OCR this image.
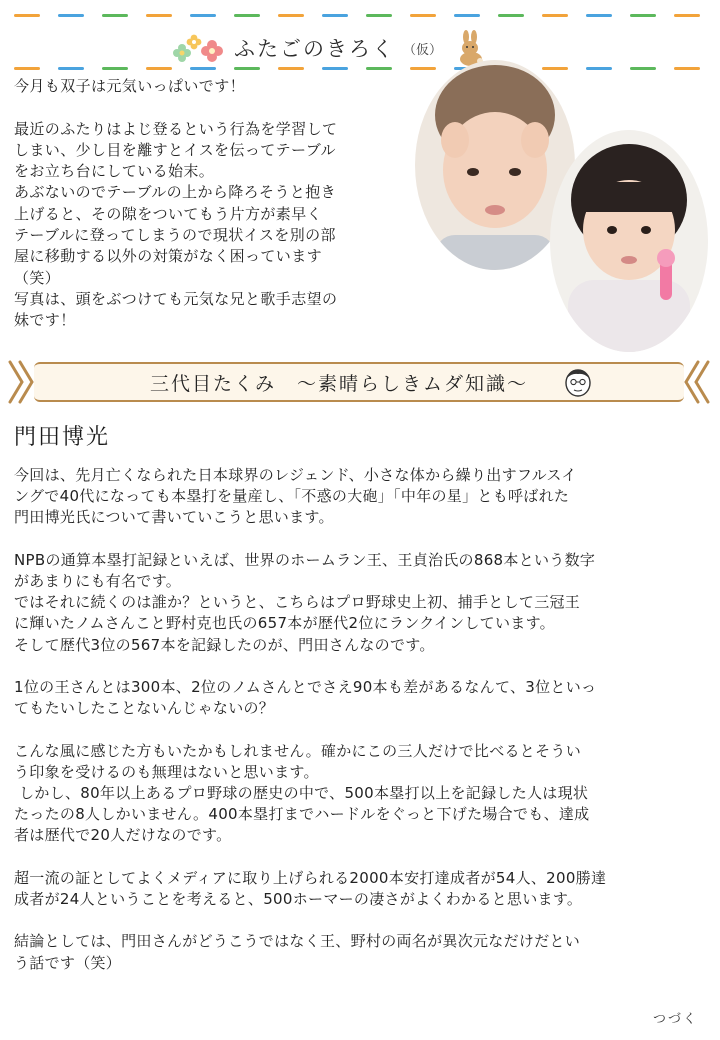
ふたごのきろく （仮）
今月も双子は元気いっぱいです！

最近のふたりはよじ登るという行為を学習して
しまい、少し目を離すとイスを伝ってテーブル
をお立ち台にしている始末。
あぶないのでテーブルの上から降ろそうと抱き
上げると、その隙をついてもう片方が素早く
テーブルに登ってしまうので現状イスを別の部
屋に移動する以外の対策がなく困っています
（笑）
写真は、頭をぶつけても元気な兄と歌手志望の
妹です！
三代目たくみ　～素晴らしきムダ知識～
門田博光

今回は、先月亡くなられた日本球界のレジェンド、小さな体から繰り出すフルスイ
ングで40代になっても本塁打を量産し、「不惑の大砲」「中年の星」とも呼ばれた
門田博光氏について書いていこうと思います。

NPBの通算本塁打記録といえば、世界のホームラン王、王貞治氏の868本という数字
があまりにも有名です。
ではそれに続くのは誰か？というと、こちらはプロ野球史上初、捕手として三冠王
に輝いたノムさんこと野村克也氏の657本が歴代2位にランクインしています。
そして歴代3位の567本を記録したのが、門田さんなのです。

1位の王さんとは300本、2位のノムさんとでさえ90本も差があるなんて、3位といっ
てもたいしたことないんじゃないの？

こんな風に感じた方もいたかもしれません。確かにこの三人だけで比べるとそうい
う印象を受けるのも無理はないと思います。
しかし、80年以上あるプロ野球の歴史の中で、500本塁打以上を記録した人は現状
たったの8人しかいません。400本塁打までハードルをぐっと下げた場合でも、達成
者は歴代で20人だけなのです。

超一流の証としてよくメディアに取り上げられる2000本安打達成者が54人、200勝達
成者が24人ということを考えると、500ホーマーの凄さがよくわかると思います。

結論としては、門田さんがどうこうではなく王、野村の両名が異次元なだけだとい
う話です（笑）

つづく
